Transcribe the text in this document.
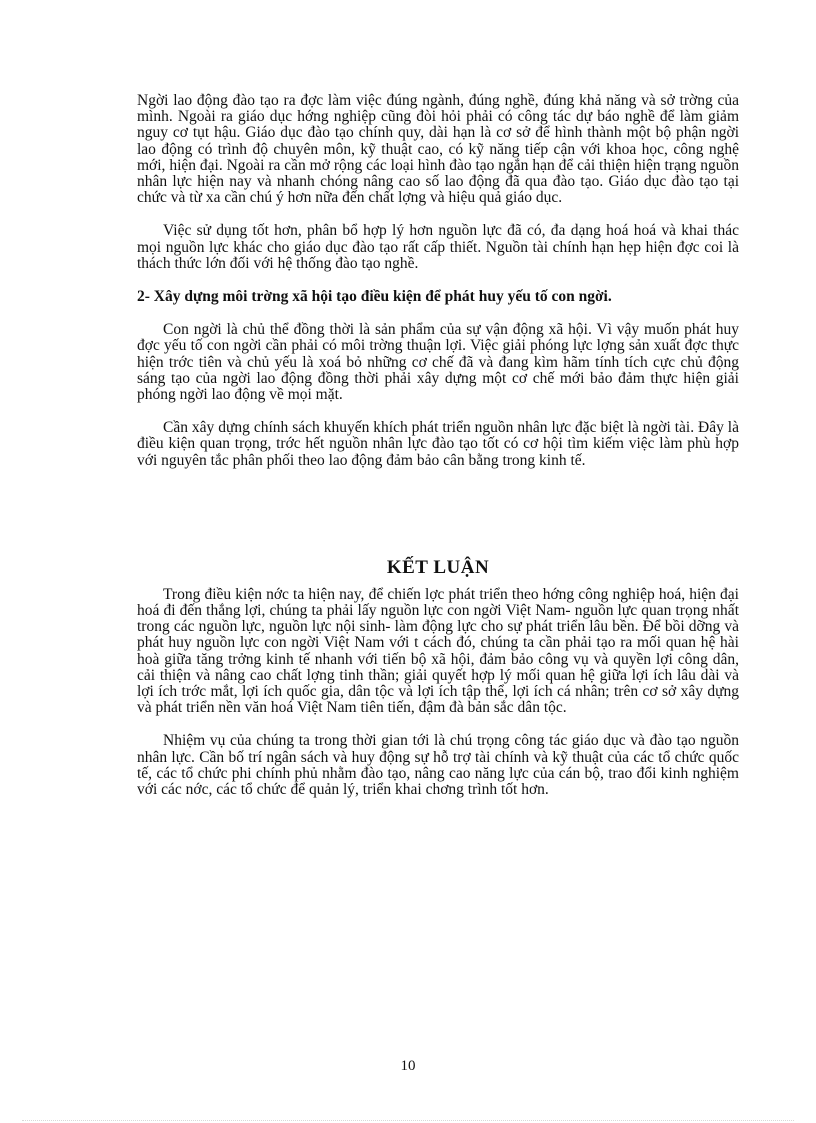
Ngời lao động đào tạo ra đợc làm việc đúng ngành, đúng nghề, đúng khả năng và sở trờng của mình. Ngoài ra giáo dục hớng nghiệp cũng đòi hỏi phải có công tác dự báo nghề để làm giảm nguy cơ tụt hậu. Giáo dục đào tạo chính quy, dài hạn là cơ sở để hình thành một bộ phận ngời lao động có trình độ chuyên môn, kỹ thuật cao, có kỹ năng tiếp cận với khoa học, công nghệ mới, hiện đại. Ngoài ra cần mở rộng các loại hình đào tạo ngắn hạn để cải thiện hiện trạng nguồn nhân lực hiện nay và nhanh chóng nâng cao số lao động đã qua đào tạo. Giáo dục đào tạo tại chức và từ xa cần chú ý hơn nữa đến chất lợng và hiệu quả giáo dục.

Việc sử dụng tốt hơn, phân bổ hợp lý hơn nguồn lực đã có, đa dạng hoá hoá và khai thác mọi nguồn lực khác cho giáo dục đào tạo rất cấp thiết. Nguồn tài chính hạn hẹp hiện đợc coi là thách thức lớn đối với hệ thống đào tạo nghề.

2- Xây dựng môi trờng xã hội tạo điều kiện để phát huy yếu tố con ngời.

Con ngời là chủ thể đồng thời là sản phẩm của sự vận động xã hội. Vì vậy muốn phát huy đợc yếu tố con ngời cần phải có môi trờng thuận lợi. Việc giải phóng lực lợng sản xuất đợc thực hiện trớc tiên và chủ yếu là xoá bỏ những cơ chế đã và đang kìm hãm tính tích cực chủ động sáng tạo của ngời lao động đồng thời phải xây dựng một cơ chế mới bảo đảm thực hiện giải phóng ngời lao động về mọi mặt.

Cần xây dựng chính sách khuyến khích phát triển nguồn nhân lực đặc biệt là ngời tài. Đây là điều kiện quan trọng, trớc hết nguồn nhân lực đào tạo tốt có cơ hội tìm kiếm việc làm phù hợp với nguyên tắc phân phối theo lao động đảm bảo cân bằng trong kinh tế.

KẾT LUẬN

Trong điều kiện nớc ta hiện nay, để chiến lợc phát triển theo hớng công nghiệp hoá, hiện đại hoá đi đến thắng lợi, chúng ta phải lấy nguồn lực con ngời Việt Nam- nguồn lực quan trọng nhất trong các nguồn lực, nguồn lực nội sinh- làm động lực cho sự phát triển lâu bền. Để bồi dỡng và phát huy nguồn lực con ngời Việt Nam với t cách đó, chúng ta cần phải tạo ra mối quan hệ hài hoà giữa tăng trởng kinh tế nhanh với tiến bộ xã hội, đảm bảo công vụ và quyền lợi công dân, cải thiện và nâng cao chất lợng tinh thần; giải quyết hợp lý mối quan hệ giữa lợi ích lâu dài và lợi ích trớc mắt, lợi ích quốc gia, dân tộc và lợi ích tập thể, lợi ích cá nhân; trên cơ sở xây dựng và phát triển nền văn hoá Việt Nam tiên tiến, đậm đà bản sắc dân tộc.

Nhiệm vụ của chúng ta trong thời gian tới là chú trọng công tác giáo dục và đào tạo nguồn nhân lực. Cần bố trí ngân sách và huy động sự hỗ trợ tài chính và kỹ thuật của các tổ chức quốc tế, các tổ chức phi chính phủ nhằm đào tạo, nâng cao năng lực của cán bộ, trao đổi kinh nghiệm với các nớc, các tổ chức để quản lý, triển khai chơng trình tốt hơn.

10
